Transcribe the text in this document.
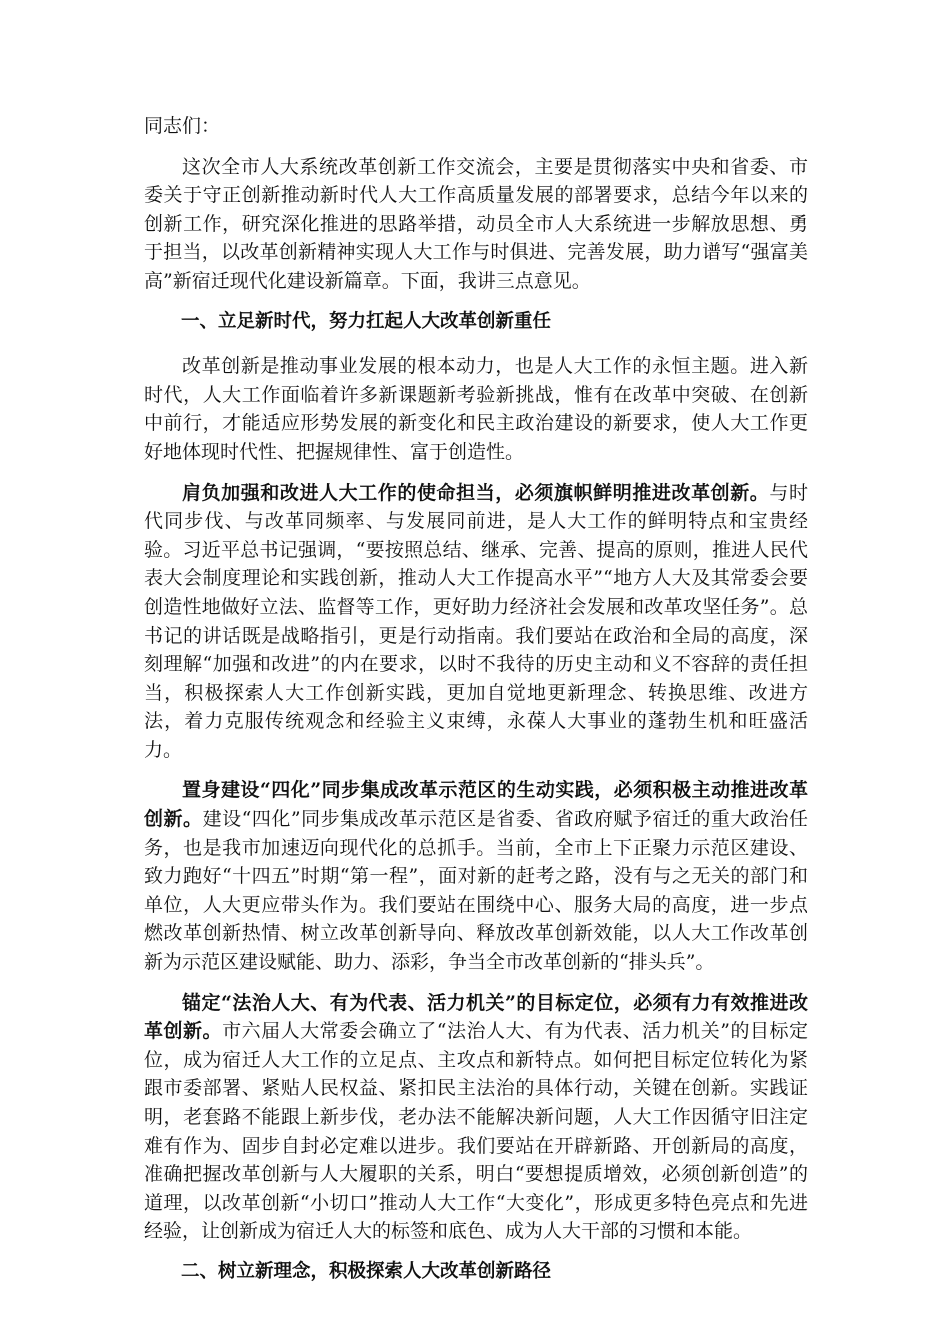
同志们：

这次全市人大系统改革创新工作交流会，主要是贯彻落实中央和省委、市委关于守正创新推动新时代人大工作高质量发展的部署要求，总结今年以来的创新工作，研究深化推进的思路举措，动员全市人大系统进一步解放思想、勇于担当，以改革创新精神实现人大工作与时俱进、完善发展，助力谱写“强富美高”新宿迁现代化建设新篇章。下面，我讲三点意见。

一、立足新时代，努力扛起人大改革创新重任

改革创新是推动事业发展的根本动力，也是人大工作的永恒主题。进入新时代，人大工作面临着许多新课题新考验新挑战，惟有在改革中突破、在创新中前行，才能适应形势发展的新变化和民主政治建设的新要求，使人大工作更好地体现时代性、把握规律性、富于创造性。

肩负加强和改进人大工作的使命担当，必须旗帜鲜明推进改革创新。与时代同步伐、与改革同频率、与发展同前进，是人大工作的鲜明特点和宝贵经验。习近平总书记强调，“要按照总结、继承、完善、提高的原则，推进人民代表大会制度理论和实践创新，推动人大工作提高水平”“地方人大及其常委会要创造性地做好立法、监督等工作，更好助力经济社会发展和改革攻坚任务”。总书记的讲话既是战略指引，更是行动指南。我们要站在政治和全局的高度，深刻理解“加强和改进”的内在要求，以时不我待的历史主动和义不容辞的责任担当，积极探索人大工作创新实践，更加自觉地更新理念、转换思维、改进方法，着力克服传统观念和经验主义束缚，永葆人大事业的蓬勃生机和旺盛活力。

置身建设“四化”同步集成改革示范区的生动实践，必须积极主动推进改革创新。建设“四化”同步集成改革示范区是省委、省政府赋予宿迁的重大政治任务，也是我市加速迈向现代化的总抓手。当前，全市上下正聚力示范区建设、致力跑好“十四五”时期“第一程”，面对新的赶考之路，没有与之无关的部门和单位，人大更应带头作为。我们要站在围绕中心、服务大局的高度，进一步点燃改革创新热情、树立改革创新导向、释放改革创新效能，以人大工作改革创新为示范区建设赋能、助力、添彩，争当全市改革创新的“排头兵”。

锚定“法治人大、有为代表、活力机关”的目标定位，必须有力有效推进改革创新。市六届人大常委会确立了“法治人大、有为代表、活力机关”的目标定位，成为宿迁人大工作的立足点、主攻点和新特点。如何把目标定位转化为紧跟市委部署、紧贴人民权益、紧扣民主法治的具体行动，关键在创新。实践证明，老套路不能跟上新步伐，老办法不能解决新问题，人大工作因循守旧注定难有作为、固步自封必定难以进步。我们要站在开辟新路、开创新局的高度，准确把握改革创新与人大履职的关系，明白“要想提质增效，必须创新创造”的道理，以改革创新“小切口”推动人大工作“大变化”，形成更多特色亮点和先进经验，让创新成为宿迁人大的标签和底色、成为人大干部的习惯和本能。

二、树立新理念，积极探索人大改革创新路径
